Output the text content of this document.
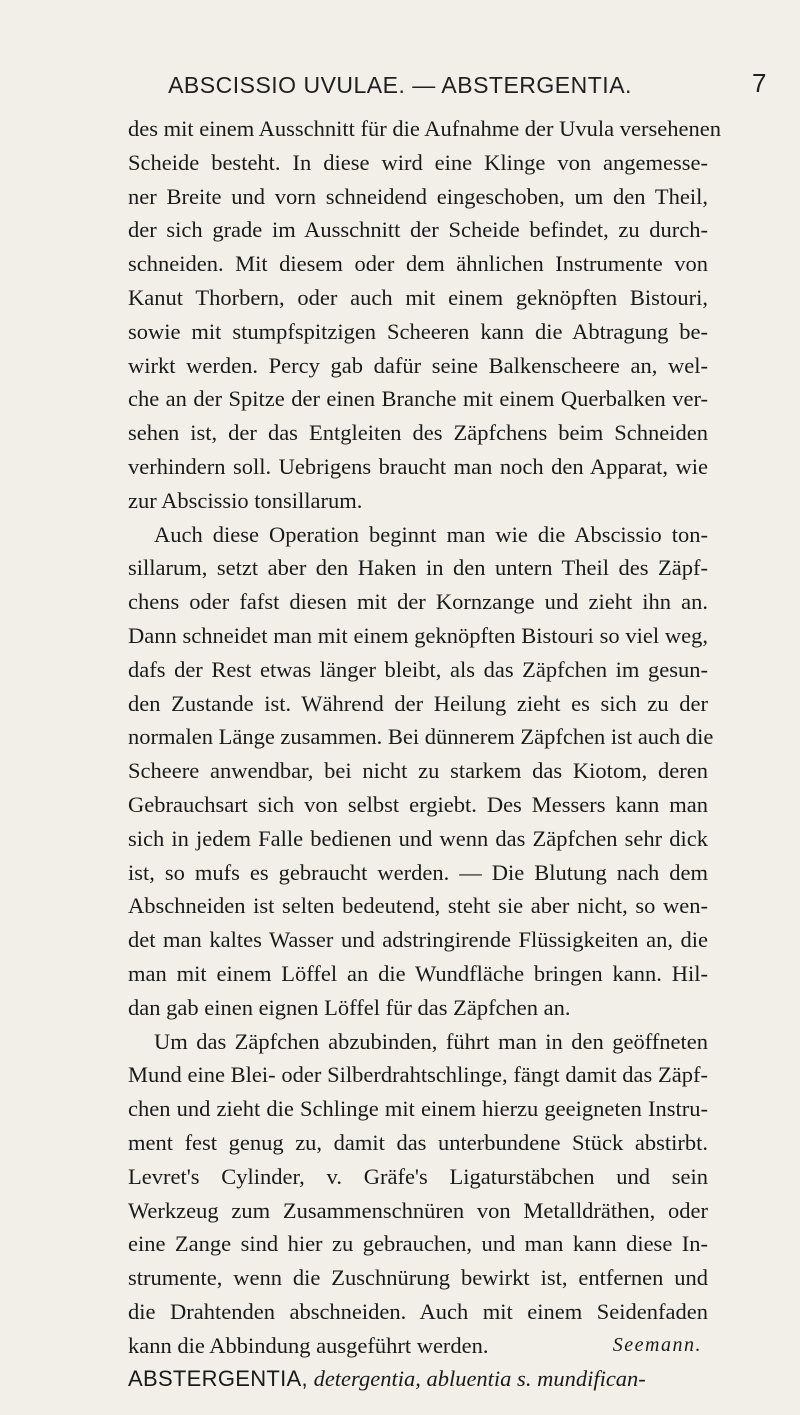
ABSCISSIO UVULAE. — ABSTERGENTIA.	7
des mit einem Ausschnitt für die Aufnahme der Uvula versehenen
Scheide besteht. In diese wird eine Klinge von angemesse-
ner Breite und vorn schneidend eingeschoben, um den Theil,
der sich grade im Ausschnitt der Scheide befindet, zu durch-
schneiden. Mit diesem oder dem ähnlichen Instrumente von
Kanut Thorbern, oder auch mit einem geknöpften Bistouri,
sowie mit stumpfspitzigen Scheeren kann die Abtragung be-
wirkt werden. Percy gab dafür seine Balkenscheere an, wel-
che an der Spitze der einen Branche mit einem Querbalken ver-
sehen ist, der das Entgleiten des Zäpfchens beim Schneiden
verhindern soll. Uebrigens braucht man noch den Apparat, wie
zur Abscissio tonsillarum.
Auch diese Operation beginnt man wie die Abscissio ton-
sillarum, setzt aber den Haken in den untern Theil des Zäpf-
chens oder fafst diesen mit der Kornzange und zieht ihn an.
Dann schneidet man mit einem geknöpften Bistouri so viel weg,
dafs der Rest etwas länger bleibt, als das Zäpfchen im gesun-
den Zustande ist. Während der Heilung zieht es sich zu der
normalen Länge zusammen. Bei dünnerem Zäpfchen ist auch die
Scheere anwendbar, bei nicht zu starkem das Kiotom, deren
Gebrauchsart sich von selbst ergiebt. Des Messers kann man
sich in jedem Falle bedienen und wenn das Zäpfchen sehr dick
ist, so mufs es gebraucht werden. — Die Blutung nach dem
Abschneiden ist selten bedeutend, steht sie aber nicht, so wen-
det man kaltes Wasser und adstringirende Flüssigkeiten an, die
man mit einem Löffel an die Wundfläche bringen kann. Hil-
dan gab einen eignen Löffel für das Zäpfchen an.
Um das Zäpfchen abzubinden, führt man in den geöffneten
Mund eine Blei- oder Silberdrahtschlinge, fängt damit das Zäpf-
chen und zieht die Schlinge mit einem hierzu geeigneten Instru-
ment fest genug zu, damit das unterbundene Stück abstirbt.
Levret's Cylinder, v. Gräfe's Ligaturstäbchen und sein
Werkzeug zum Zusammenschnüren von Metalldräthen, oder
eine Zange sind hier zu gebrauchen, und man kann diese In-
strumente, wenn die Zuschnürung bewirkt ist, entfernen und
die Drahtenden abschneiden. Auch mit einem Seidenfaden
kann die Abbindung ausgeführt werden.	Seemann.
ABSTERGENTIA, detergentia, abluentia s. mundifican-
